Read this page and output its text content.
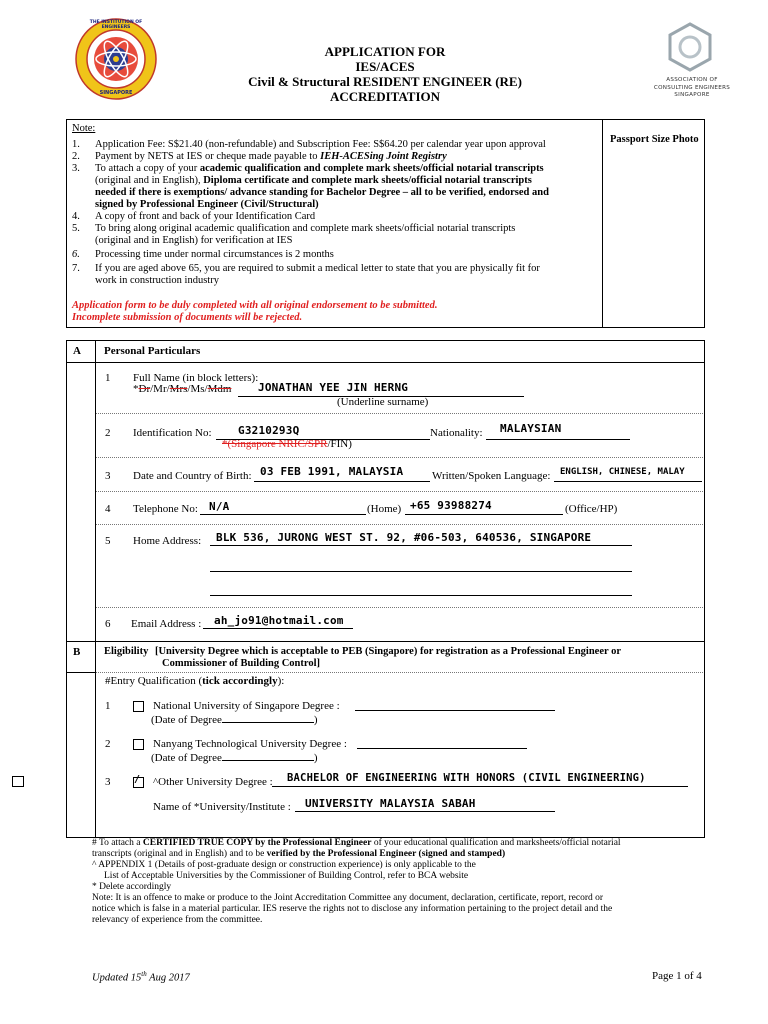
THE INSTITUTION OF ENGINEERS
SINGAPORE
APPLICATION FOR
IES/ACES
Civil & Structural RESIDENT ENGINEER (RE)
ACCREDITATION
ASSOCIATION OF
CONSULTING ENGINEERS
SINGAPORE
Note:
Passport Size Photo
1. Application Fee: S$21.40 (non-refundable) and Subscription Fee: S$64.20 per calendar year upon approval
2. Payment by NETS at IES or cheque made payable to IEH-ACESing Joint Registry
3. To attach a copy of your academic qualification and complete mark sheets/official notarial transcripts
(original and in English), Diploma certificate and complete mark sheets/official notarial transcripts
needed if there is exemptions/ advance standing for Bachelor Degree – all to be verified, endorsed and
signed by Professional Engineer (Civil/Structural)
4. A copy of front and back of your Identification Card
5. To bring along original academic qualification and complete mark sheets/official notarial transcripts
(original and in English) for verification at IES
6. Processing time under normal circumstances is 2 months
7. If you are aged above 65, you are required to submit a medical letter to state that you are physically fit for
work in construction industry
Application form to be duly completed with all original endorsement to be submitted.
Incomplete submission of documents will be rejected.
A Personal Particulars
1 Full Name (in block letters):
*Dr/Mr/Mrs/Ms/Mdm JONATHAN YEE JIN HERNG
(Underline surname)
2 Identification No: G3210293Q	Nationality: MALAYSIAN
*(Singapore NRIC/SPR/FIN)
3 Date and Country of Birth: 03 FEB 1991, MALAYSIA	Written/Spoken Language: ENGLISH, CHINESE, MALAY
4 Telephone No: N/A	(Home) +65 93988274	(Office/HP)
5 Home Address: BLK 536, JURONG WEST ST. 92, #06-503, 640536, SINGAPORE
6 Email Address : ah_jo91@hotmail.com
B Eligibility [University Degree which is acceptable to PEB (Singapore) for registration as a Professional Engineer or
Commissioner of Building Control]
#Entry Qualification (tick accordingly):
1	National University of Singapore Degree :
(Date of Degree	)
2	Nanyang Technological University Degree :
(Date of Degree	)
3 / ^Other University Degree : BACHELOR OF ENGINEERING WITH HONORS (CIVIL ENGINEERING)
Name of *University/Institute : UNIVERSITY MALAYSIA SABAH
# To attach a CERTIFIED TRUE COPY by the Professional Engineer of your educational qualification and marksheets/official notarial
transcripts (original and in English) and to be verified by the Professional Engineer (signed and stamped)
^ APPENDIX 1 (Details of post-graduate design or construction experience) is only applicable to the
List of Acceptable Universities by the Commissioner of Building Control, refer to BCA website
* Delete accordingly
Note: It is an offence to make or produce to the Joint Accreditation Committee any document, declaration, certificate, report, record or
notice which is false in a material particular. IES reserve the rights not to disclose any information pertaining to the project detail and the
relevancy of experience from the committee.
Updated 15th Aug 2017	Page 1 of 4
